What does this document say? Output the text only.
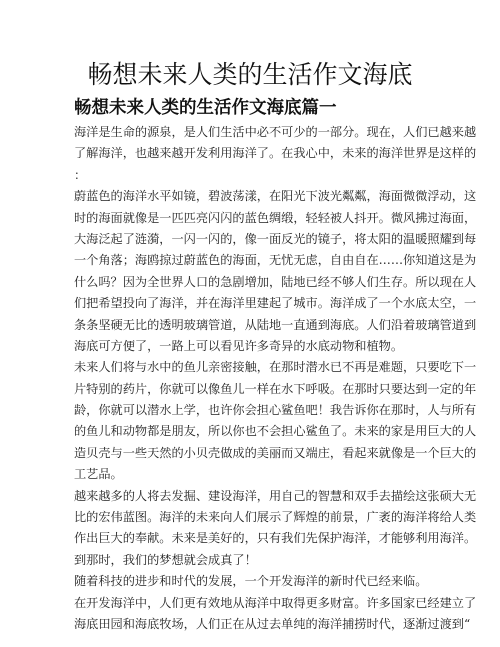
畅想未来人类的生活作文海底
畅想未来人类的生活作文海底篇一
海洋是生命的源泉，是人们生活中必不可少的一部分。现在，人们已越来越
了解海洋，也越来越开发利用海洋了。在我心中，未来的海洋世界是这样的
：
蔚蓝色的海洋水平如镜，碧波荡漾，在阳光下波光粼粼，海面微微浮动，这
时的海面就像是一匹匹亮闪闪的蓝色绸缎，轻轻被人抖开。微风拂过海面，
大海泛起了涟漪，一闪一闪的，像一面反光的镜子，将太阳的温暖照耀到每
一个角落；海鸥掠过蔚蓝色的海面，无忧无虑，自由自在……你知道这是为
什么吗？因为全世界人口的急剧增加，陆地已经不够人们生存。所以现在人
们把希望投向了海洋，并在海洋里建起了城市。海洋成了一个水底太空，一
条条坚硬无比的透明玻璃管道，从陆地一直通到海底。人们沿着玻璃管道到
海底可方便了，一路上可以看见许多奇异的水底动物和植物。
未来人们将与水中的鱼儿亲密接触，在那时潜水已不再是难题，只要吃下一
片特别的药片，你就可以像鱼儿一样在水下呼吸。在那时只要达到一定的年
龄，你就可以潜水上学，也许你会担心鲨鱼吧！我告诉你在那时，人与所有
的鱼儿和动物都是朋友，所以你也不会担心鲨鱼了。未来的家是用巨大的人
造贝壳与一些天然的小贝壳做成的美丽而又端庄，看起来就像是一个巨大的
工艺品。
越来越多的人将去发掘、建设海洋，用自己的智慧和双手去描绘这张硕大无
比的宏伟蓝图。海洋的未来向人们展示了辉煌的前景，广袤的海洋将给人类
作出巨大的奉献。未来是美好的，只有我们先保护海洋，才能够利用海洋。
到那时，我们的梦想就会成真了！
随着科技的进步和时代的发展，一个开发海洋的新时代已经来临。
在开发海洋中，人们更有效地从海洋中取得更多财富。许多国家已经建立了
海底田园和海底牧场，人们正在从过去单纯的海洋捕捞时代，逐渐过渡到“
